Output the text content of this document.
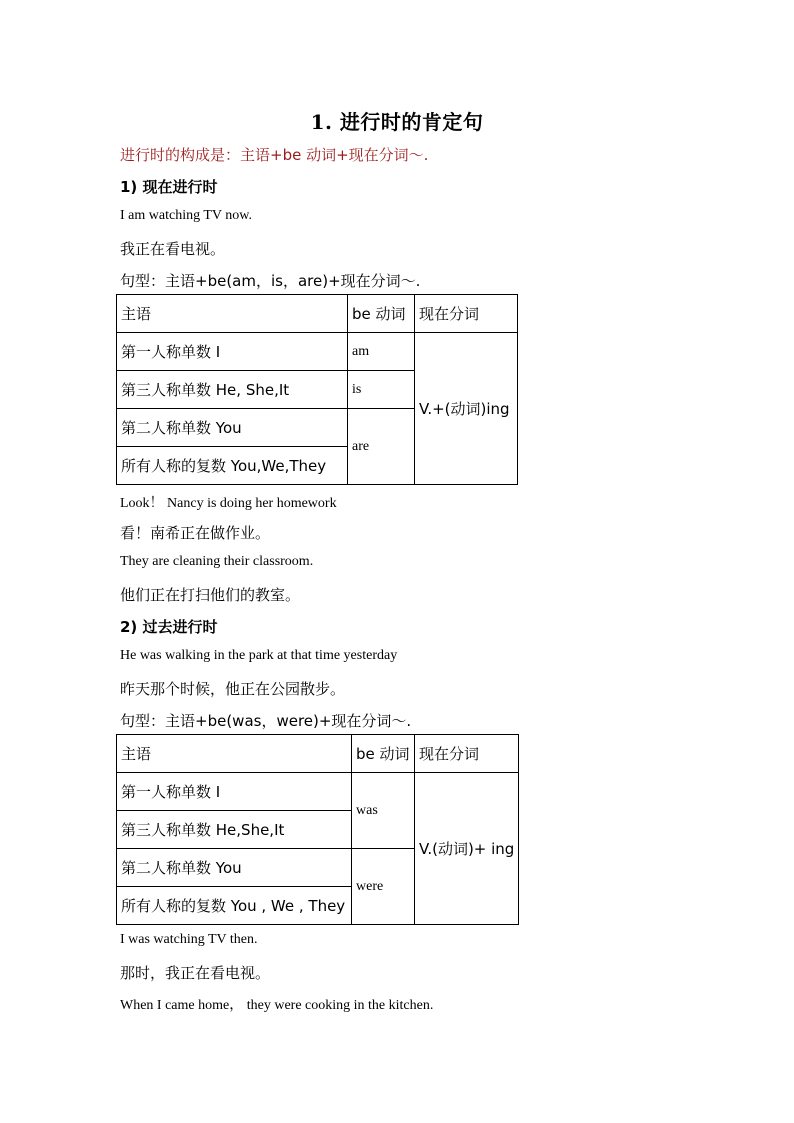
1. 进行时的肯定句
进行时的构成是：主语+be 动词+现在分词～.
1) 现在进行时
I am watching TV now.
我正在看电视。
句型：主语+be(am，is，are)+现在分词～.
主语	be 动词	现在分词
第一人称单数 I	am	V.+(动词)ing
第三人称单数 He, She,It	is	
第二人称单数 You	are	
所有人称的复数 You,We,They		
Look！ Nancy is doing her homework
看！南希正在做作业。
They are cleaning their classroom.
他们正在打扫他们的教室。
2) 过去进行时
He was walking in the park at that time yesterday
昨天那个时候，他正在公园散步。
句型：主语+be(was，were)+现在分词～.
主语	be 动词	现在分词
第一人称单数 I	was	V.(动词)+ ing
第三人称单数 He,She,It		
第二人称单数 You	were	
所有人称的复数 You , We , They		
I was watching TV then.
那时，我正在看电视。
When I came home， they were cooking in the kitchen.
